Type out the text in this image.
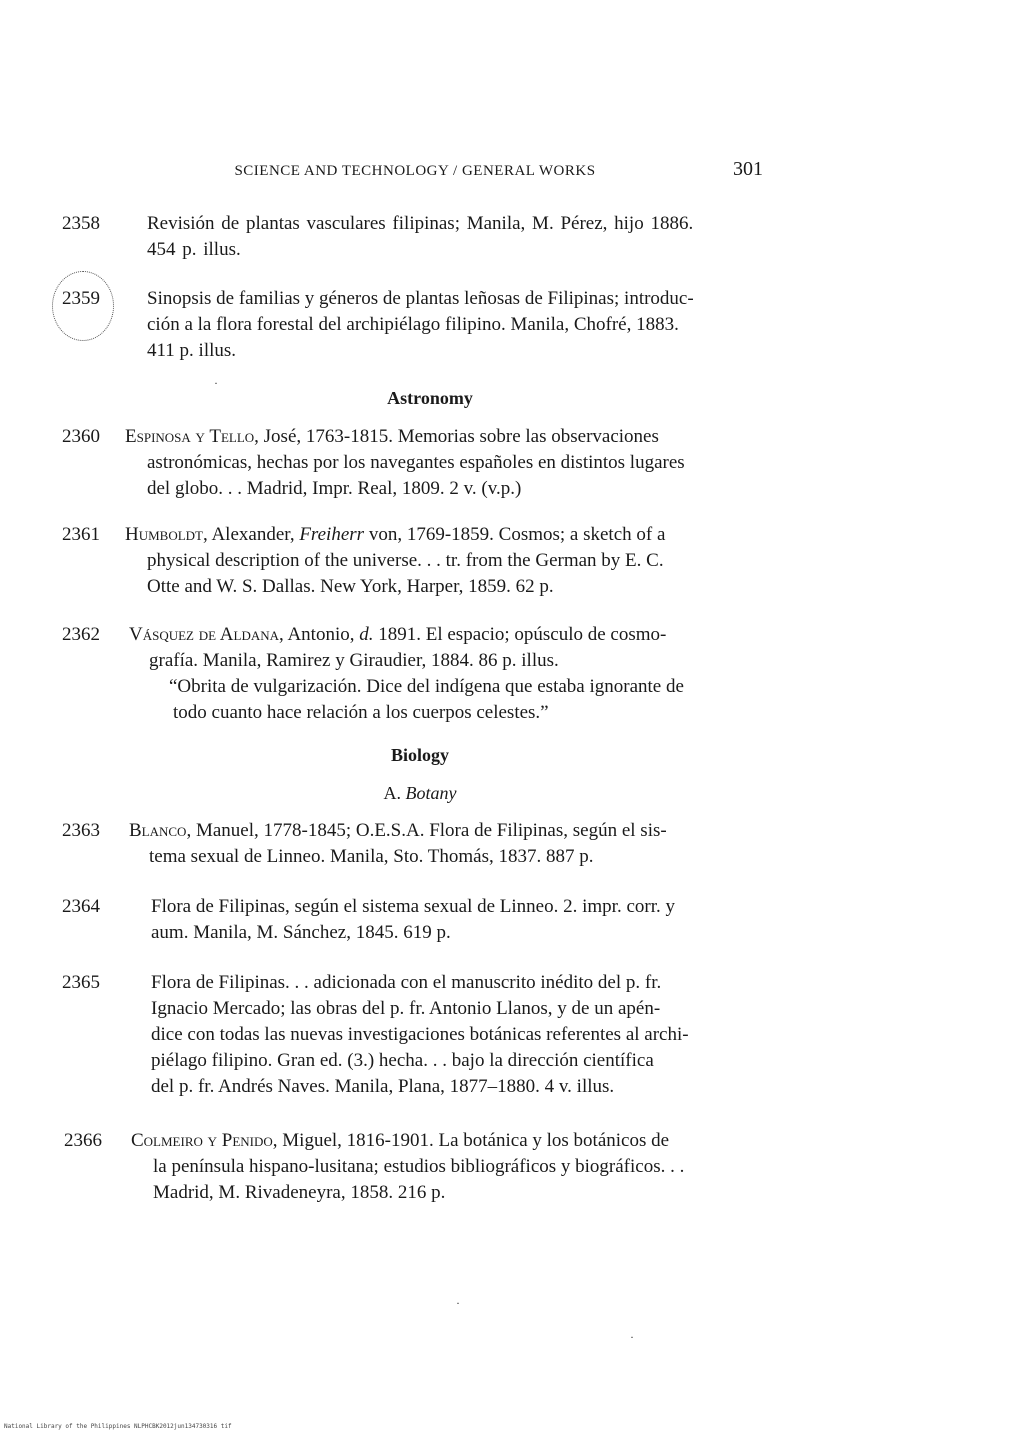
SCIENCE AND TECHNOLOGY / GENERAL WORKS	301
2358	Revisión de plantas vasculares filipinas; Manila, M. Pérez, hijo 1886.
454 p. illus.
2359	Sinopsis de familias y géneros de plantas leñosas de Filipinas; introduc-
ción a la flora forestal del archipiélago filipino. Manila, Chofré, 1883.
411 p. illus.
·
Astronomy
2360	Espinosa y Tello, José, 1763-1815. Memorias sobre las observaciones
astronómicas, hechas por los navegantes españoles en distintos lugares
del globo. . . Madrid, Impr. Real, 1809. 2 v. (v.p.)
2361	Humboldt, Alexander, Freiherr von, 1769-1859. Cosmos; a sketch of a
physical description of the universe. . . tr. from the German by E. C.
Otte and W. S. Dallas. New York, Harper, 1859. 62 p.
2362	Vásquez de Aldana, Antonio, d. 1891. El espacio; opúsculo de cosmo-
grafía. Manila, Ramirez y Giraudier, 1884. 86 p. illus.
“Obrita de vulgarización. Dice del indígena que estaba ignorante de
todo cuanto hace relación a los cuerpos celestes.”
Biology
A. Botany
2363	Blanco, Manuel, 1778-1845; O.E.S.A. Flora de Filipinas, según el sis-
tema sexual de Linneo. Manila, Sto. Thomás, 1837. 887 p.
2364	Flora de Filipinas, según el sistema sexual de Linneo. 2. impr. corr. y
aum. Manila, M. Sánchez, 1845. 619 p.
2365	Flora de Filipinas. . . adicionada con el manuscrito inédito del p. fr.
Ignacio Mercado; las obras del p. fr. Antonio Llanos, y de un apén-
dice con todas las nuevas investigaciones botánicas referentes al archi-
piélago filipino. Gran ed. (3.) hecha. . . bajo la dirección científica
del p. fr. Andrés Naves. Manila, Plana, 1877–1880. 4 v. illus.
2366	Colmeiro y Penido, Miguel, 1816-1901. La botánica y los botánicos de
la península hispano-lusitana; estudios bibliográficos y biográficos. . .
Madrid, M. Rivadeneyra, 1858. 216 p.
·
·
National Library of the Philippines NLPHCBK2012jun134730316 tif
